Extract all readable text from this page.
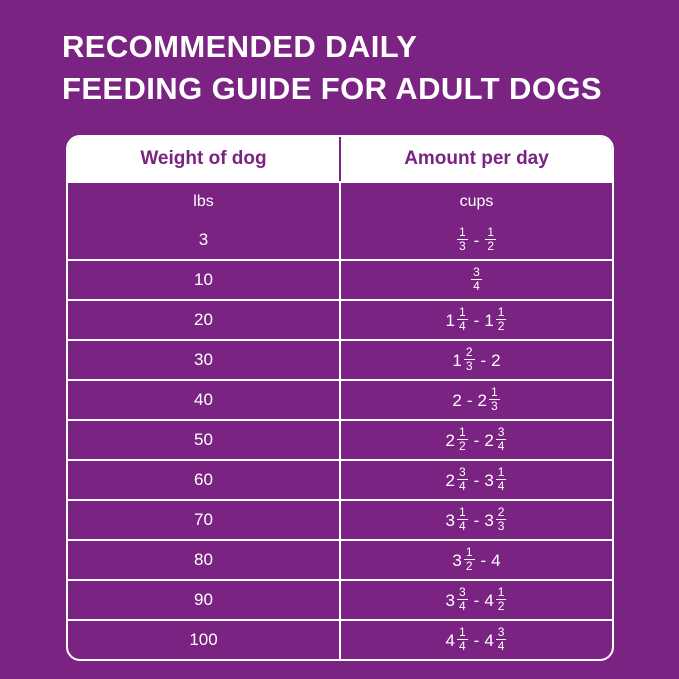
RECOMMENDED DAILY
FEEDING GUIDE FOR ADULT DOGS
Weight of dog	Amount per day
lbs	cups
3	$\frac{1}{3} - \frac{1}{2}$

10	$\frac{3}{4}$

20	$1 \frac{1}{4} - 1 \frac{1}{2}$

30	$1 \frac{2}{3} - 2$
40	$2 - 2 \frac{1}{3}$

50	$2 \frac{1}{2} - 2 \frac{3}{4}$

60	$2 \frac{3}{4} - 3 \frac{1}{4}$

70	$3 \frac{1}{4} - 3 \frac{2}{3}$

80	$3 \frac{1}{2} - 4$
90	$3 \frac{3}{4} - 4 \frac{1}{2}$

100	$4 \frac{1}{4} - 4 \frac{3}{4}$
